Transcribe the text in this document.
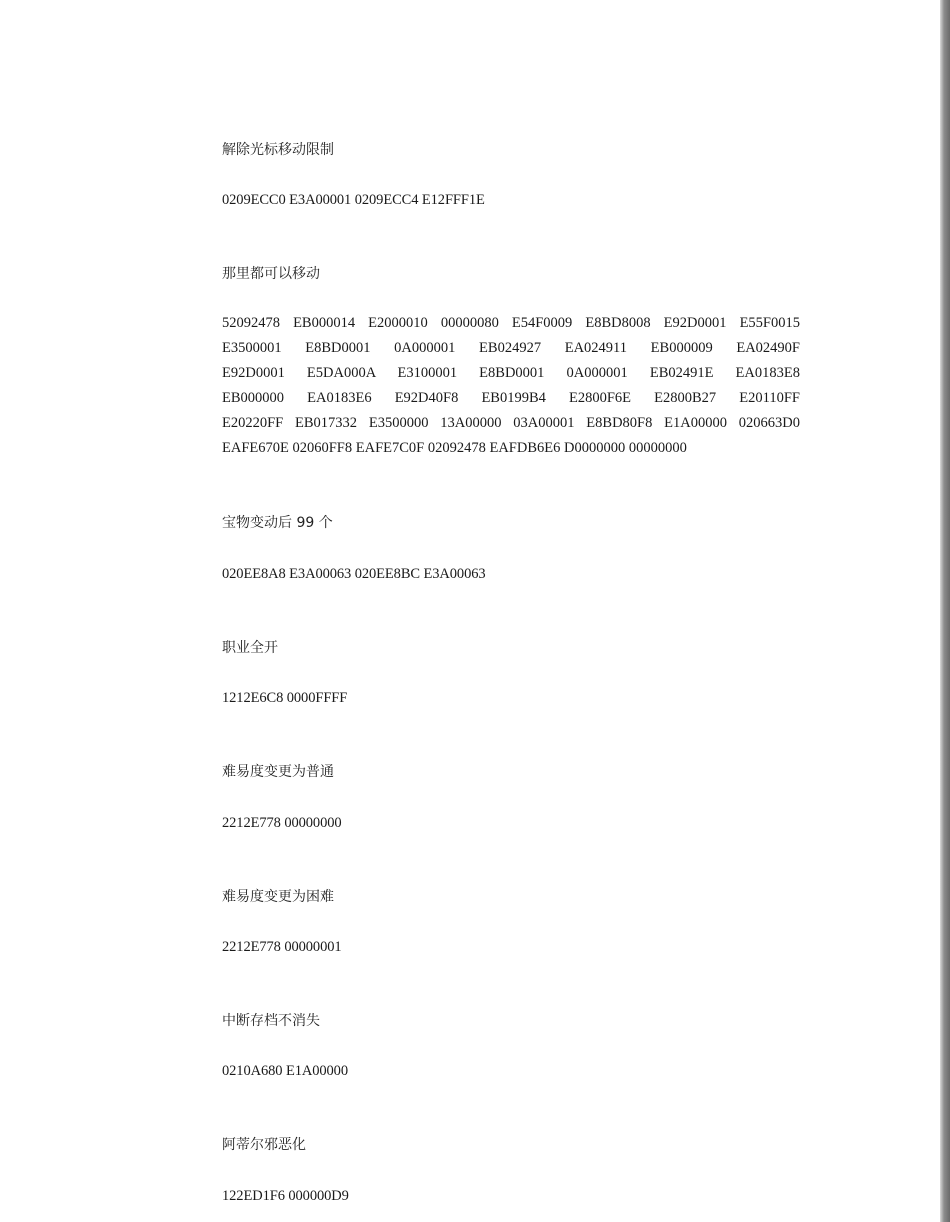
解除光标移动限制
0209ECC0 E3A00001 0209ECC4 E12FFF1E
那里都可以移动
52092478 EB000014 E2000010 00000080 E54F0009 E8BD8008 E92D0001 E55F0015
E3500001 E8BD0001 0A000001 EB024927 EA024911 EB000009 EA02490F
E92D0001 E5DA000A E3100001 E8BD0001 0A000001 EB02491E EA0183E8
EB000000 EA0183E6 E92D40F8 EB0199B4 E2800F6E E2800B27 E20110FF
E20220FF EB017332 E3500000 13A00000 03A00001 E8BD80F8 E1A00000 020663D0
EAFE670E 02060FF8 EAFE7C0F 02092478 EAFDB6E6 D0000000 00000000
宝物变动后 99 个
020EE8A8 E3A00063 020EE8BC E3A00063
职业全开
1212E6C8 0000FFFF
难易度变更为普通
2212E778 00000000
难易度变更为困难
2212E778 00000001
中断存档不消失
0210A680 E1A00000
阿蒂尔邪恶化
122ED1F6 000000D9
